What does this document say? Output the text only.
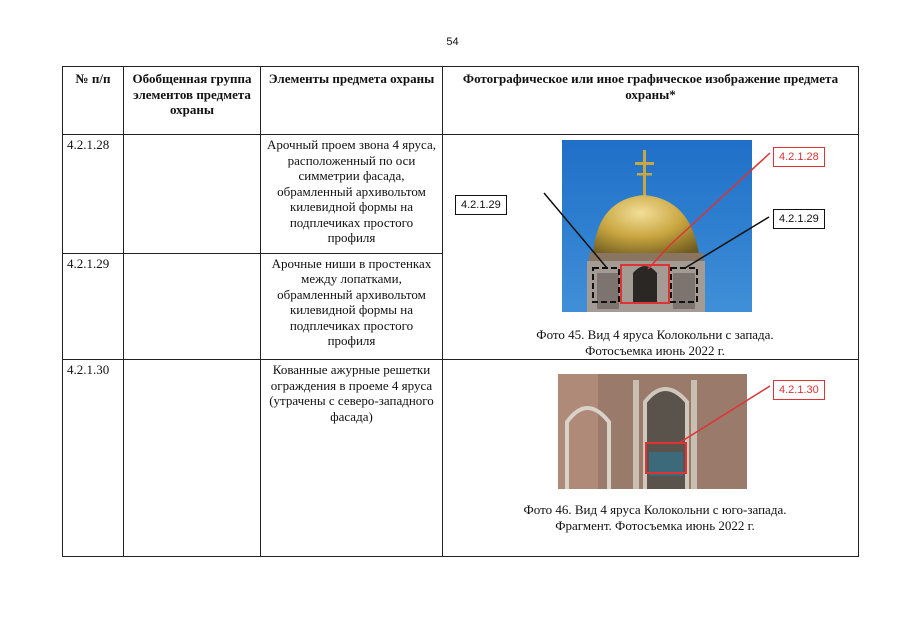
54
№ п/п	Обобщенная группа элементов предмета охраны	Элементы предмета охраны	Фотографическое или иное графическое изображение предмета охраны*
4.2.1.28		Арочный проем звона 4 яруса, расположенный по оси симметрии фасада, обрамленный архивольтом килевидной формы на подплечиках простого профиля	4.2.1.28
4.2.1.29
4.2.1.29
Фото 45. Вид 4 яруса Колокольни с запада.
Фотосъемка июнь 2022 г.

4.2.1.29		Арочные ниши в простенках между лопатками, обрамленный архивольтом килевидной формы на подплечиках простого профиля	
4.2.1.30		Кованные ажурные решетки ограждения в проеме 4 яруса (утрачены с северо-западного фасада)	4.2.1.30
Фото 46. Вид 4 яруса Колокольни с юго-запада.
Фрагмент. Фотосъемка июнь 2022 г.
